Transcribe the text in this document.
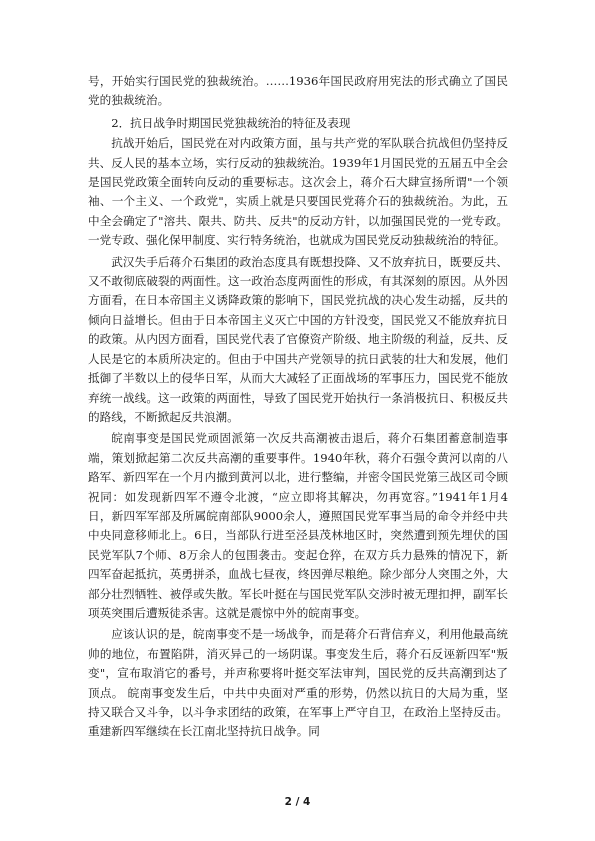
号，开始实行国民党的独裁统治。……1936年国民政府用宪法的形式确立了国民党的独裁统治。

2．抗日战争时期国民党独裁统治的特征及表现

抗战开始后，国民党在对内政策方面，虽与共产党的军队联合抗战但仍坚持反共、反人民的基本立场，实行反动的独裁统治。1939年1月国民党的五届五中全会是国民党政策全面转向反动的重要标志。这次会上，蒋介石大肆宣扬所谓"一个领袖、一个主义、一个政党"，实质上就是只要国民党蒋介石的独裁统治。为此，五中全会确定了"溶共、限共、防共、反共"的反动方针，以加强国民党的一党专政。一党专政、强化保甲制度、实行特务统治，也就成为国民党反动独裁统治的特征。

武汉失手后蒋介石集团的政治态度具有既想投降、又不放弃抗日，既要反共、又不敢彻底破裂的两面性。这一政治态度两面性的形成，有其深刻的原因。从外因方面看，在日本帝国主义诱降政策的影响下，国民党抗战的决心发生动摇，反共的倾向日益增长。但由于日本帝国主义灭亡中国的方针没变，国民党又不能放弃抗日的政策。从内因方面看，国民党代表了官僚资产阶级、地主阶级的利益，反共、反人民是它的本质所决定的。但由于中国共产党领导的抗日武装的壮大和发展，他们抵御了半数以上的侵华日军，从而大大减轻了正面战场的军事压力，国民党不能放弃统一战线。这一政策的两面性，导致了国民党开始执行一条消极抗日、积极反共的路线，不断掀起反共浪潮。

皖南事变是国民党顽固派第一次反共高潮被击退后，蒋介石集团蓄意制造事端，策划掀起第二次反共高潮的重要事件。1940年秋，蒋介石强令黄河以南的八路军、新四军在一个月内撤到黄河以北，进行整编，并密令国民党第三战区司令顾祝同：如发现新四军不遵令北渡，“应立即将其解决，勿再宽容。”1941年1月4日，新四军军部及所属皖南部队9000余人，遵照国民党军事当局的命令并经中共中央同意移师北上。6日，当部队行进至泾县茂林地区时，突然遭到预先埋伏的国民党军队7个师、8万余人的包围袭击。变起仓猝，在双方兵力悬殊的情况下，新四军奋起抵抗，英勇拼杀，血战七昼夜，终因弹尽粮绝。除少部分人突围之外，大部分壮烈牺牲、被俘或失散。军长叶挺在与国民党军队交涉时被无理扣押，副军长项英突围后遭叛徒杀害。这就是震惊中外的皖南事变。

应该认识的是，皖南事变不是一场战争，而是蒋介石背信弃义，利用他最高统帅的地位，布置陷阱，消灭异己的一场阴谋。事变发生后，蒋介石反诬新四军"叛变"，宣布取消它的番号，并声称要将叶挺交军法审判，国民党的反共高潮到达了顶点。 皖南事变发生后，中共中央面对严重的形势，仍然以抗日的大局为重，坚持又联合又斗争，以斗争求团结的政策，在军事上严守自卫，在政治上坚持反击。重建新四军继续在长江南北坚持抗日战争。同

2 / 4
